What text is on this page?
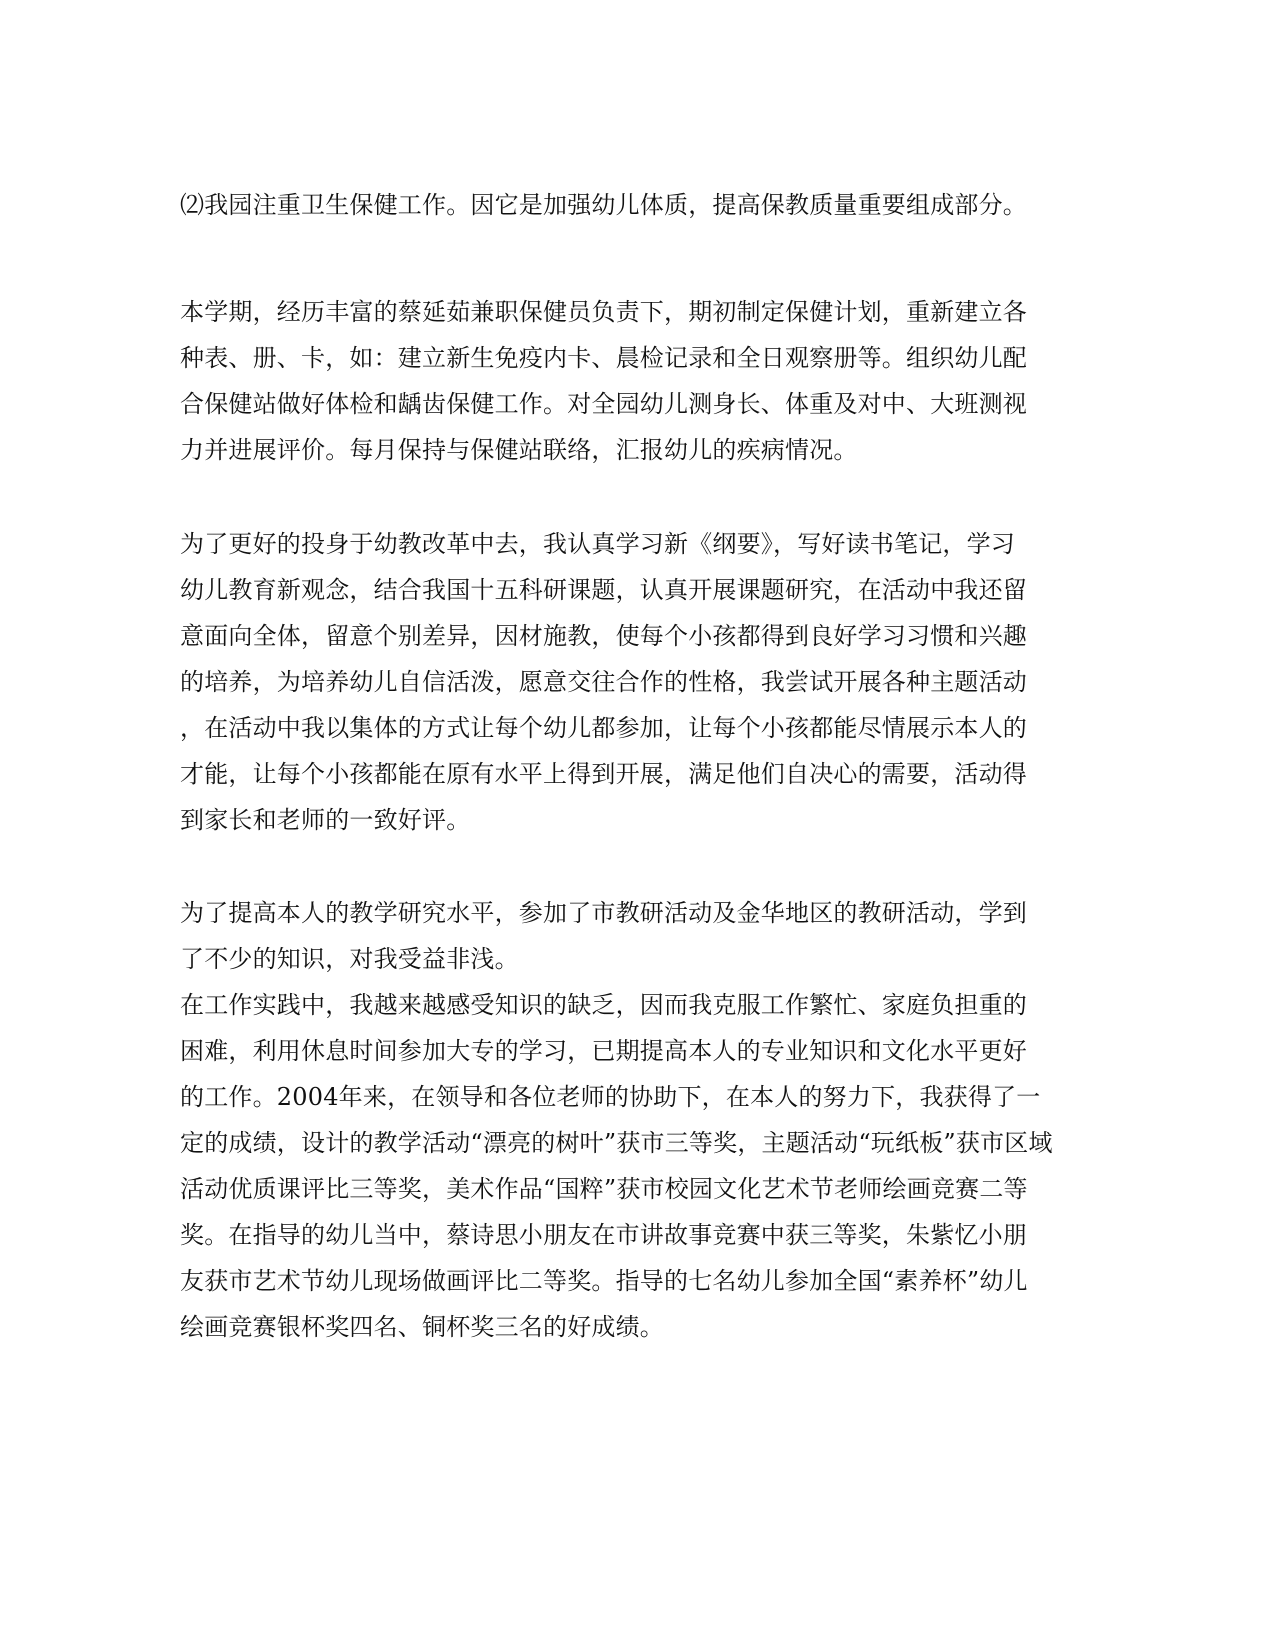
⑵我园注重卫生保健工作。因它是加强幼儿体质，提高保教质量重要组成部分。
本学期，经历丰富的蔡延茹兼职保健员负责下，期初制定保健计划，重新建立各
种表、册、卡，如：建立新生免疫内卡、晨检记录和全日观察册等。组织幼儿配
合保健站做好体检和龋齿保健工作。对全园幼儿测身长、体重及对中、大班测视
力并进展评价。每月保持与保健站联络，汇报幼儿的疾病情况。
为了更好的投身于幼教改革中去，我认真学习新《纲要》，写好读书笔记，学习
幼儿教育新观念，结合我国十五科研课题，认真开展课题研究，在活动中我还留
意面向全体，留意个别差异，因材施教，使每个小孩都得到良好学习习惯和兴趣
的培养，为培养幼儿自信活泼，愿意交往合作的性格，我尝试开展各种主题活动
，在活动中我以集体的方式让每个幼儿都参加，让每个小孩都能尽情展示本人的
才能，让每个小孩都能在原有水平上得到开展，满足他们自决心的需要，活动得
到家长和老师的一致好评。
为了提高本人的教学研究水平，参加了市教研活动及金华地区的教研活动，学到
了不少的知识，对我受益非浅。
在工作实践中，我越来越感受知识的缺乏，因而我克服工作繁忙、家庭负担重的
困难，利用休息时间参加大专的学习，已期提高本人的专业知识和文化水平更好
的工作。2004年来，在领导和各位老师的协助下，在本人的努力下，我获得了一
定的成绩，设计的教学活动“漂亮的树叶”获市三等奖，主题活动“玩纸板”获市区域
活动优质课评比三等奖，美术作品“国粹”获市校园文化艺术节老师绘画竞赛二等
奖。在指导的幼儿当中，蔡诗思小朋友在市讲故事竞赛中获三等奖，朱紫忆小朋
友获市艺术节幼儿现场做画评比二等奖。指导的七名幼儿参加全国“素养杯”幼儿
绘画竞赛银杯奖四名、铜杯奖三名的好成绩。
